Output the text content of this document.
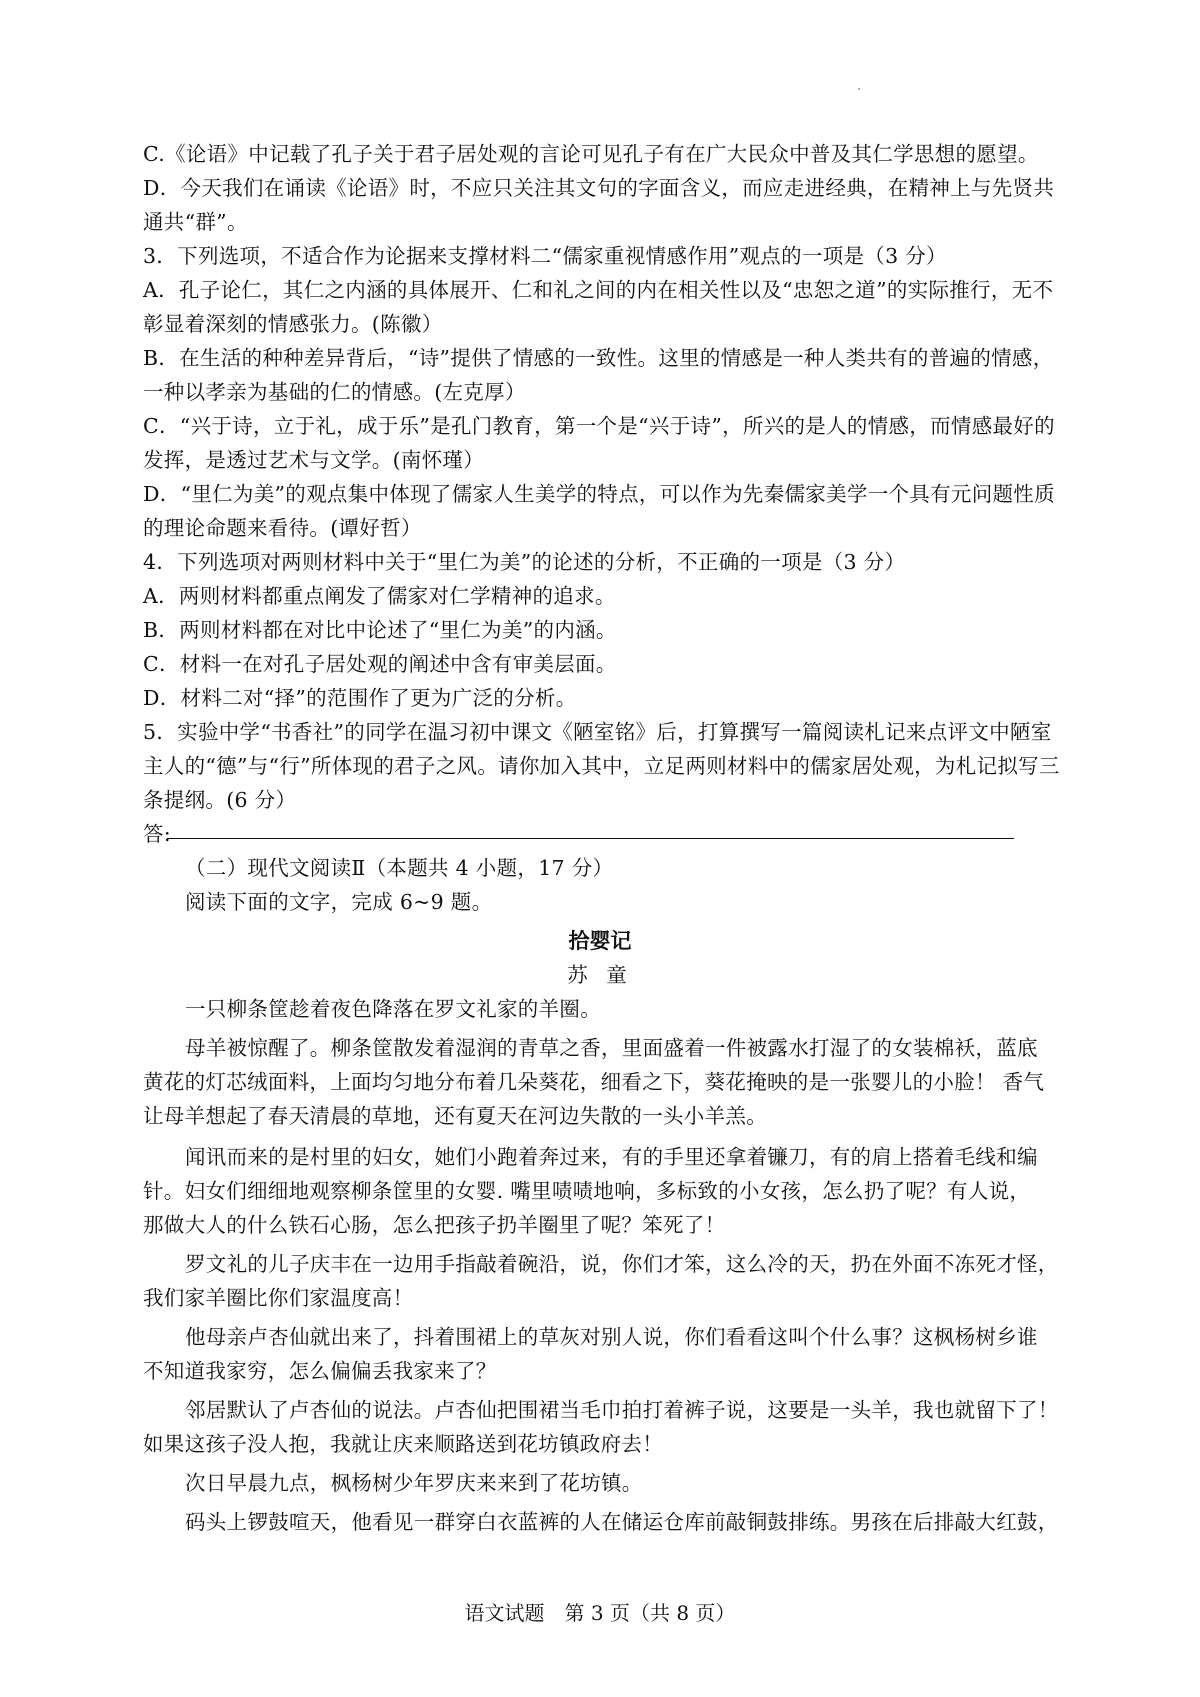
C.《论语》中记载了孔子关于君子居处观的言论可见孔子有在广大民众中普及其仁学思想的愿望。
D．今天我们在诵读《论语》时，不应只关注其文句的字面含义，而应走进经典，在精神上与先贤共
通共“群”。
3．下列选项，不适合作为论据来支撑材料二“儒家重视情感作用”观点的一项是（3 分）
A．孔子论仁，其仁之内涵的具体展开、仁和礼之间的内在相关性以及“忠恕之道”的实际推行，无不
彰显着深刻的情感张力。(陈徽）
B．在生活的种种差异背后，“诗”提供了情感的一致性。这里的情感是一种人类共有的普遍的情感，
一种以孝亲为基础的仁的情感。(左克厚）
C．“兴于诗，立于礼，成于乐”是孔门教育，第一个是“兴于诗”，所兴的是人的情感，而情感最好的
发挥，是透过艺术与文学。(南怀瑾）
D．“里仁为美”的观点集中体现了儒家人生美学的特点，可以作为先秦儒家美学一个具有元问题性质
的理论命题来看待。(谭好哲）
4．下列选项对两则材料中关于“里仁为美”的论述的分析，不正确的一项是（3 分）
A．两则材料都重点阐发了儒家对仁学精神的追求。
B．两则材料都在对比中论述了“里仁为美”的内涵。
C．材料一在对孔子居处观的阐述中含有审美层面。
D．材料二对“择”的范围作了更为广泛的分析。
5．实验中学“书香社”的同学在温习初中课文《陋室铭》后，打算撰写一篇阅读札记来点评文中陋室
主人的“德”与“行”所体现的君子之风。请你加入其中，立足两则材料中的儒家居处观，为札记拟写三
条提纲。(6 分）
答:
（二）现代文阅读Ⅱ（本题共 4 小题，17 分）
阅读下面的文字，完成 6~9 题。
拾婴记
苏 童
一只柳条筐趁着夜色降落在罗文礼家的羊圈。
母羊被惊醒了。柳条筐散发着湿润的青草之香，里面盛着一件被露水打湿了的女装棉袄，蓝底
黄花的灯芯绒面料，上面均匀地分布着几朵葵花，细看之下，葵花掩映的是一张婴儿的小脸！ 香气
让母羊想起了春天清晨的草地，还有夏天在河边失散的一头小羊羔。
闻讯而来的是村里的妇女，她们小跑着奔过来，有的手里还拿着镰刀，有的肩上搭着毛线和编
针。妇女们细细地观察柳条筐里的女婴. 嘴里啧啧地响，多标致的小女孩，怎么扔了呢？有人说，
那做大人的什么铁石心肠，怎么把孩子扔羊圈里了呢？笨死了！
罗文礼的儿子庆丰在一边用手指敲着碗沿，说，你们才笨，这么冷的天，扔在外面不冻死才怪，
我们家羊圈比你们家温度高！
他母亲卢杏仙就出来了，抖着围裙上的草灰对别人说，你们看看这叫个什么事？这枫杨树乡谁
不知道我家穷，怎么偏偏丢我家来了？
邻居默认了卢杏仙的说法。卢杏仙把围裙当毛巾拍打着裤子说，这要是一头羊，我也就留下了！
如果这孩子没人抱，我就让庆来顺路送到花坊镇政府去！
次日早晨九点，枫杨树少年罗庆来来到了花坊镇。
码头上锣鼓喧天，他看见一群穿白衣蓝裤的人在储运仓库前敲铜鼓排练。男孩在后排敲大红鼓，
语文试题　第 3 页（共 8 页）
